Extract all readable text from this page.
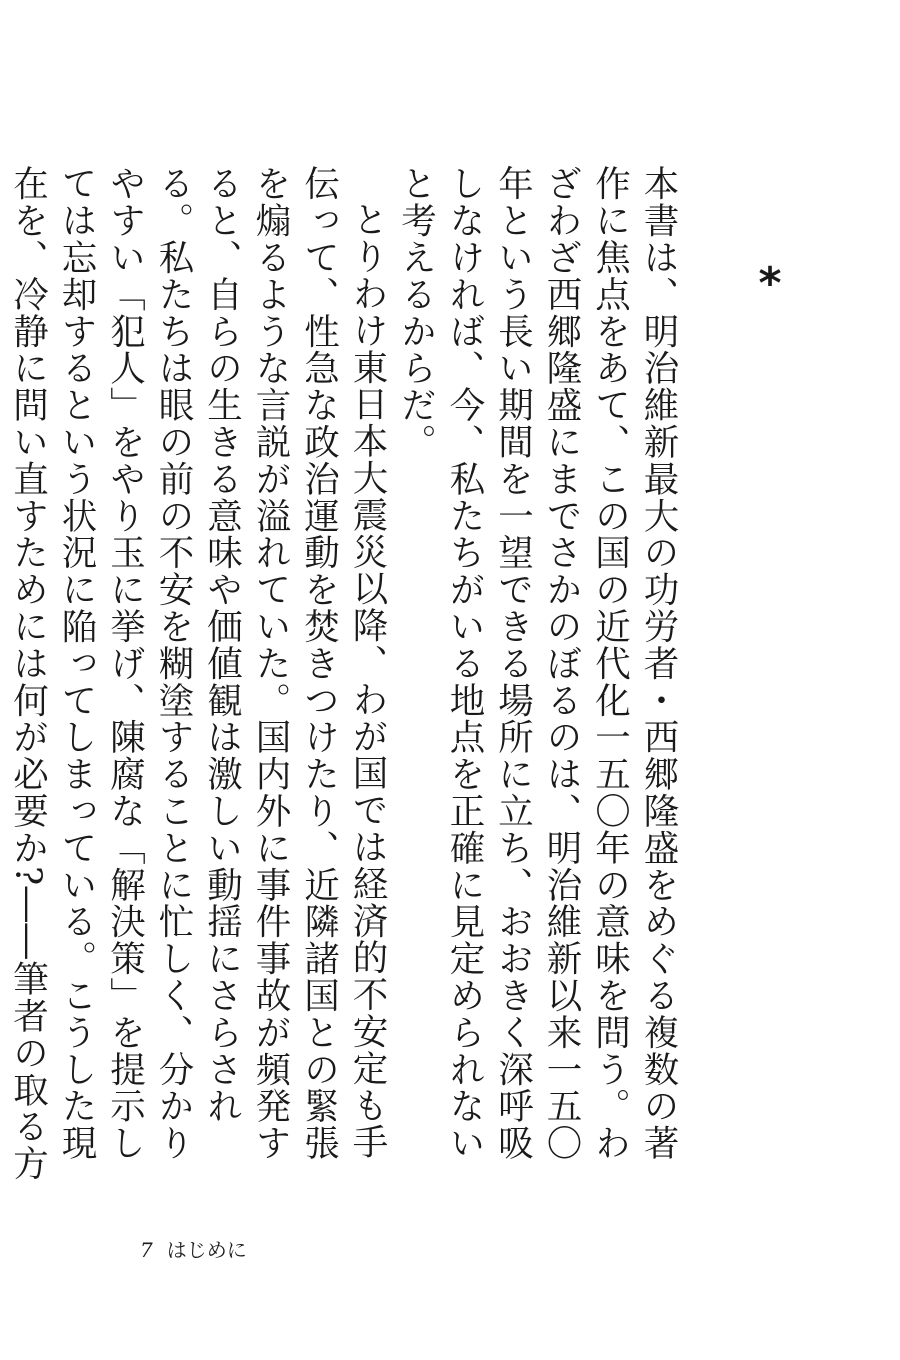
*

本書は、明治維新最大の功労者・西郷隆盛をめぐる複数の著作に焦点をあて、この国の近代化一五〇年の意味を問う。わざわざ西郷隆盛にまでさかのぼるのは、明治維新以来一五〇年という長い期間を一望できる場所に立ち、おおきく深呼吸しなければ、今、私たちがいる地点を正確に見定められないと考えるからだ。

とりわけ東日本大震災以降、わが国では経済的不安定も手伝って、性急な政治運動を焚きつけたり、近隣諸国との緊張を煽るような言説が溢れていた。国内外に事件事故が頻発すると、自らの生きる意味や価値観は激しい動揺にさらされる。私たちは眼の前の不安を糊塗することに忙しく、分かりやすい「犯人」をやり玉に挙げ、陳腐な「解決策」を提示しては忘却するという状況に陥ってしまっている。こうした現在を、冷静に問い直すためには何が必要か?――筆者の取る方

7 はじめに
